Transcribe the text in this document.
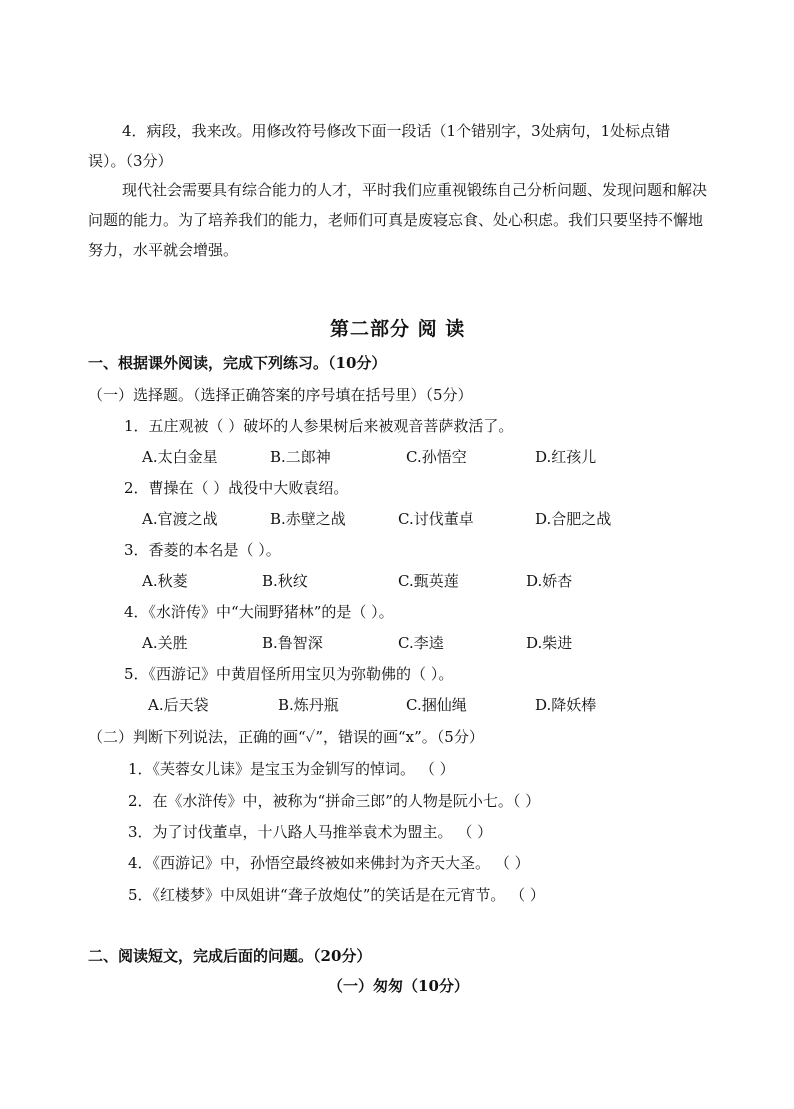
4．病段，我来改。用修改符号修改下面一段话（1个错别字，3处病句，1处标点错
误）。（3分）
现代社会需要具有综合能力的人才，平时我们应重视锻练自己分析问题、发现问题和解决问题的能力。为了培养我们的能力，老师们可真是废寝忘食、处心积虑。我们只要坚持不懈地努力，水平就会增强。
第二部分 阅 读
一、根据课外阅读，完成下列练习。（10分）
（一）选择题。（选择正确答案的序号填在括号里）（5分）
1．五庄观被（ ）破坏的人参果树后来被观音菩萨救活了。
A.太白金星	B.二郎神	C.孙悟空	D.红孩儿
2．曹操在（ ）战役中大败袁绍。
A.官渡之战	B.赤壁之战	C.讨伐董卓	D.合肥之战
3．香菱的本名是（ ）。
A.秋菱	B.秋纹	C.甄英莲	D.娇杏
4．《水浒传》中“大闹野猪林”的是（ ）。
A.关胜	B.鲁智深	C.李逵	D.柴进
5．《西游记》中黄眉怪所用宝贝为弥勒佛的（ ）。
A.后天袋	B.炼丹瓶	C.捆仙绳	D.降妖棒
（二）判断下列说法，正确的画“✓”，错误的画“x”。（5分）
1．《芙蓉女儿诔》是宝玉为金钏写的悼词。 （ ）
2．在《水浒传》中，被称为“拼命三郎”的人物是阮小七。（ ）
3．为了讨伐董卓，十八路人马推举袁术为盟主。 （ ）
4．《西游记》中，孙悟空最终被如来佛封为齐天大圣。 （ ）
5．《红楼梦》中凤姐讲“聋子放炮仗”的笑话是在元宵节。 （ ）
二、阅读短文，完成后面的问题。（20分）
（一）匆匆（10分）
